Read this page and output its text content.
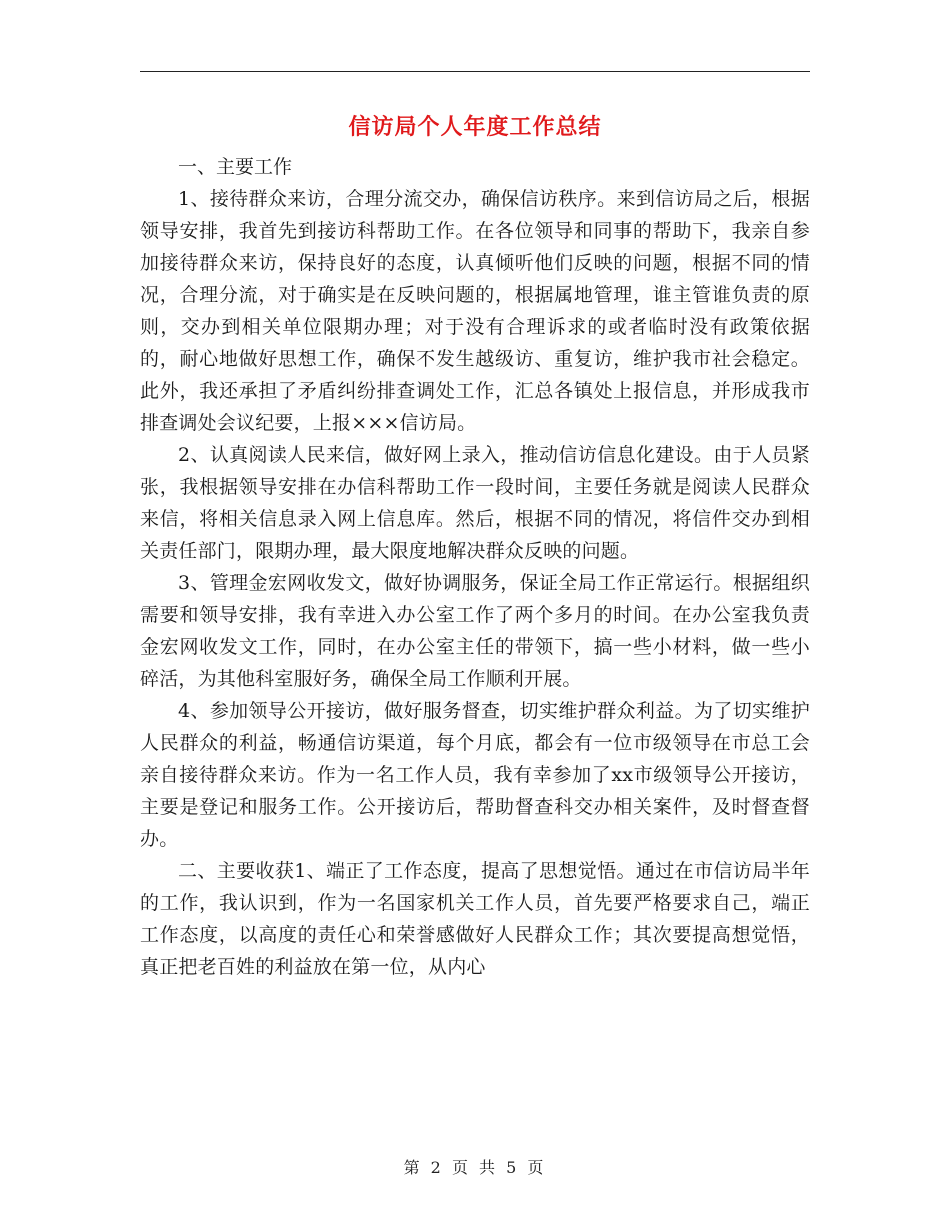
信访局个人年度工作总结

一、主要工作

1、接待群众来访，合理分流交办，确保信访秩序。来到信访局之后，根据领导安排，我首先到接访科帮助工作。在各位领导和同事的帮助下，我亲自参加接待群众来访，保持良好的态度，认真倾听他们反映的问题，根据不同的情况，合理分流，对于确实是在反映问题的，根据属地管理，谁主管谁负责的原则，交办到相关单位限期办理；对于没有合理诉求的或者临时没有政策依据的，耐心地做好思想工作，确保不发生越级访、重复访，维护我市社会稳定。此外，我还承担了矛盾纠纷排查调处工作，汇总各镇处上报信息，并形成我市排查调处会议纪要，上报×××信访局。

2、认真阅读人民来信，做好网上录入，推动信访信息化建设。由于人员紧张，我根据领导安排在办信科帮助工作一段时间，主要任务就是阅读人民群众来信，将相关信息录入网上信息库。然后，根据不同的情况，将信件交办到相关责任部门，限期办理，最大限度地解决群众反映的问题。

3、管理金宏网收发文，做好协调服务，保证全局工作正常运行。根据组织需要和领导安排，我有幸进入办公室工作了两个多月的时间。在办公室我负责金宏网收发文工作，同时，在办公室主任的带领下，搞一些小材料，做一些小碎活，为其他科室服好务，确保全局工作顺利开展。

4、参加领导公开接访，做好服务督查，切实维护群众利益。为了切实维护人民群众的利益，畅通信访渠道，每个月底，都会有一位市级领导在市总工会亲自接待群众来访。作为一名工作人员，我有幸参加了xx市级领导公开接访，主要是登记和服务工作。公开接访后，帮助督查科交办相关案件，及时督查督办。

二、主要收获1、端正了工作态度，提高了思想觉悟。通过在市信访局半年的工作，我认识到，作为一名国家机关工作人员，首先要严格要求自己，端正工作态度，以高度的责任心和荣誉感做好人民群众工作；其次要提高想觉悟，真正把老百姓的利益放在第一位，从内心

第 2 页 共 5 页
